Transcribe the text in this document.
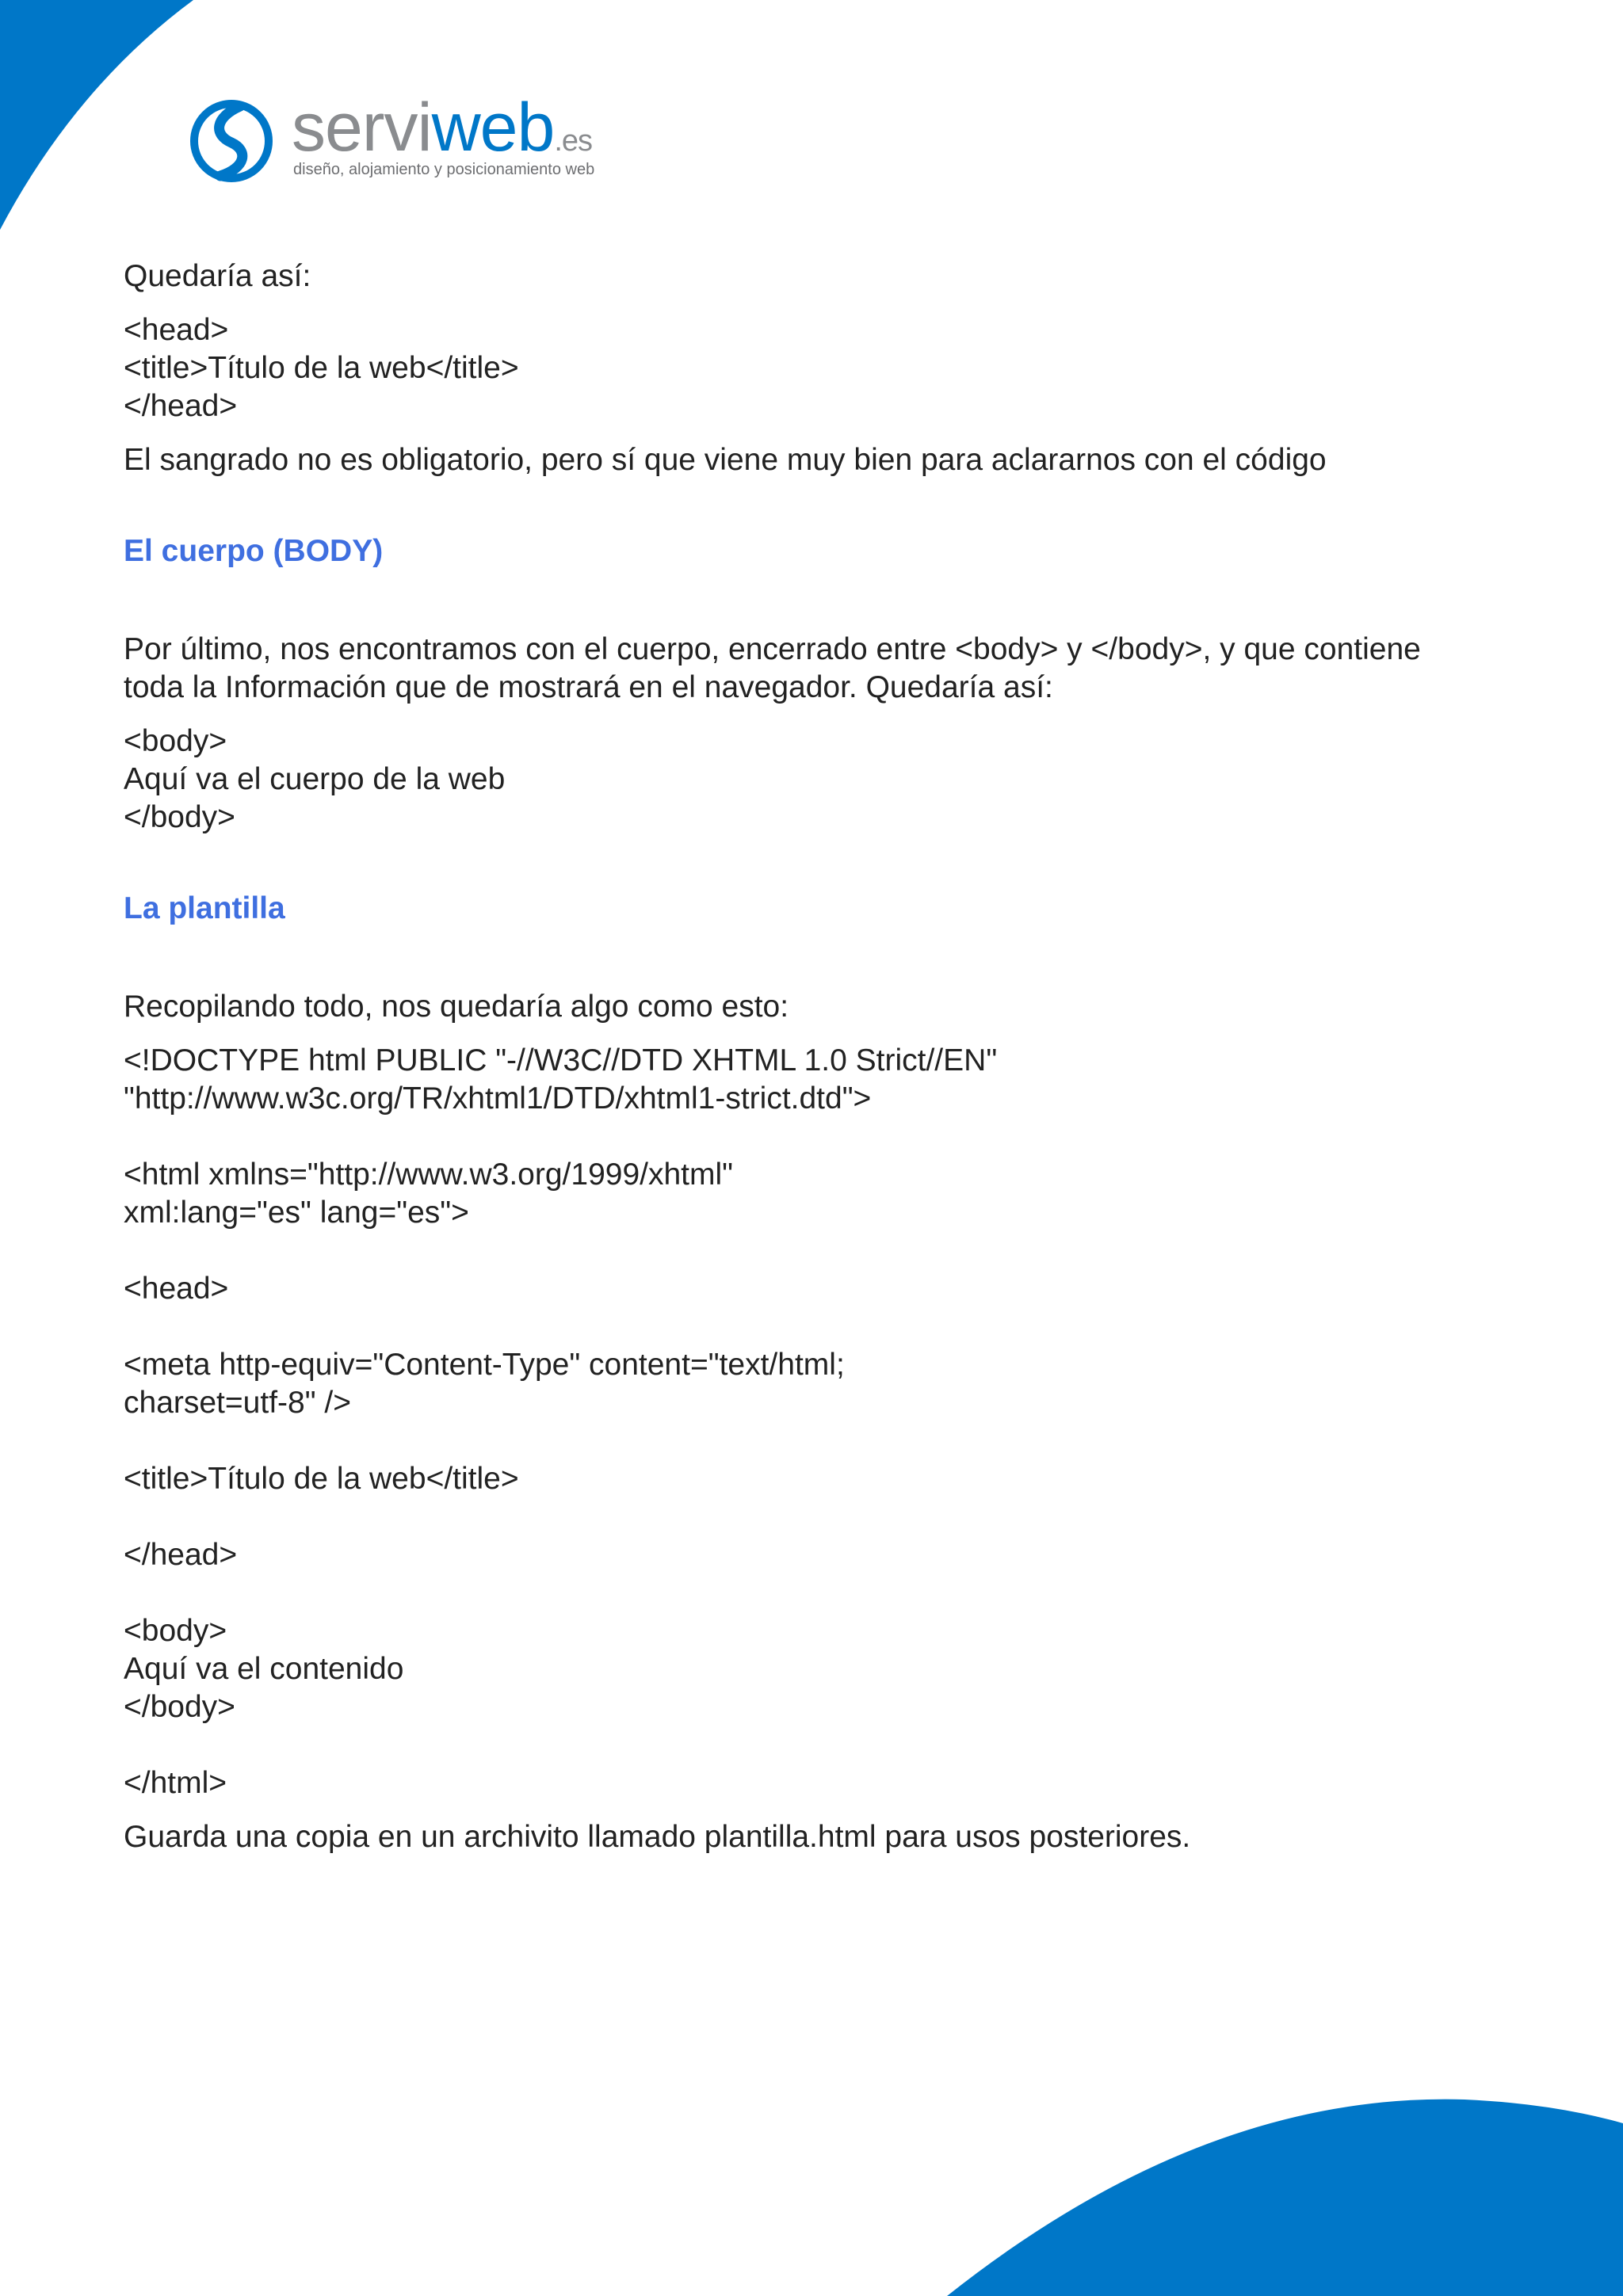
serviweb.es
diseño, alojamiento y posicionamiento web

Quedaría así:

<head>

<title>Título de la web</title>

</head>

El sangrado no es obligatorio, pero sí que viene muy bien para aclararnos con el código

El cuerpo (BODY)

Por último, nos encontramos con el cuerpo, encerrado entre <body> y </body>, y que contiene

toda la Información que de mostrará en el navegador. Quedaría así:

<body>

Aquí va el cuerpo de la web

</body>

La plantilla

Recopilando todo, nos quedaría algo como esto:

<!DOCTYPE html PUBLIC "-//W3C//DTD XHTML 1.0 Strict//EN"

"http://www.w3c.org/TR/xhtml1/DTD/xhtml1-strict.dtd">

<html xmlns="http://www.w3.org/1999/xhtml"

xml:lang="es" lang="es">

<head>

<meta http-equiv="Content-Type" content="text/html;

charset=utf-8" />

<title>Título de la web</title>

</head>

<body>

Aquí va el contenido

</body>

</html>

Guarda una copia en un archivito llamado plantilla.html para usos posteriores.
